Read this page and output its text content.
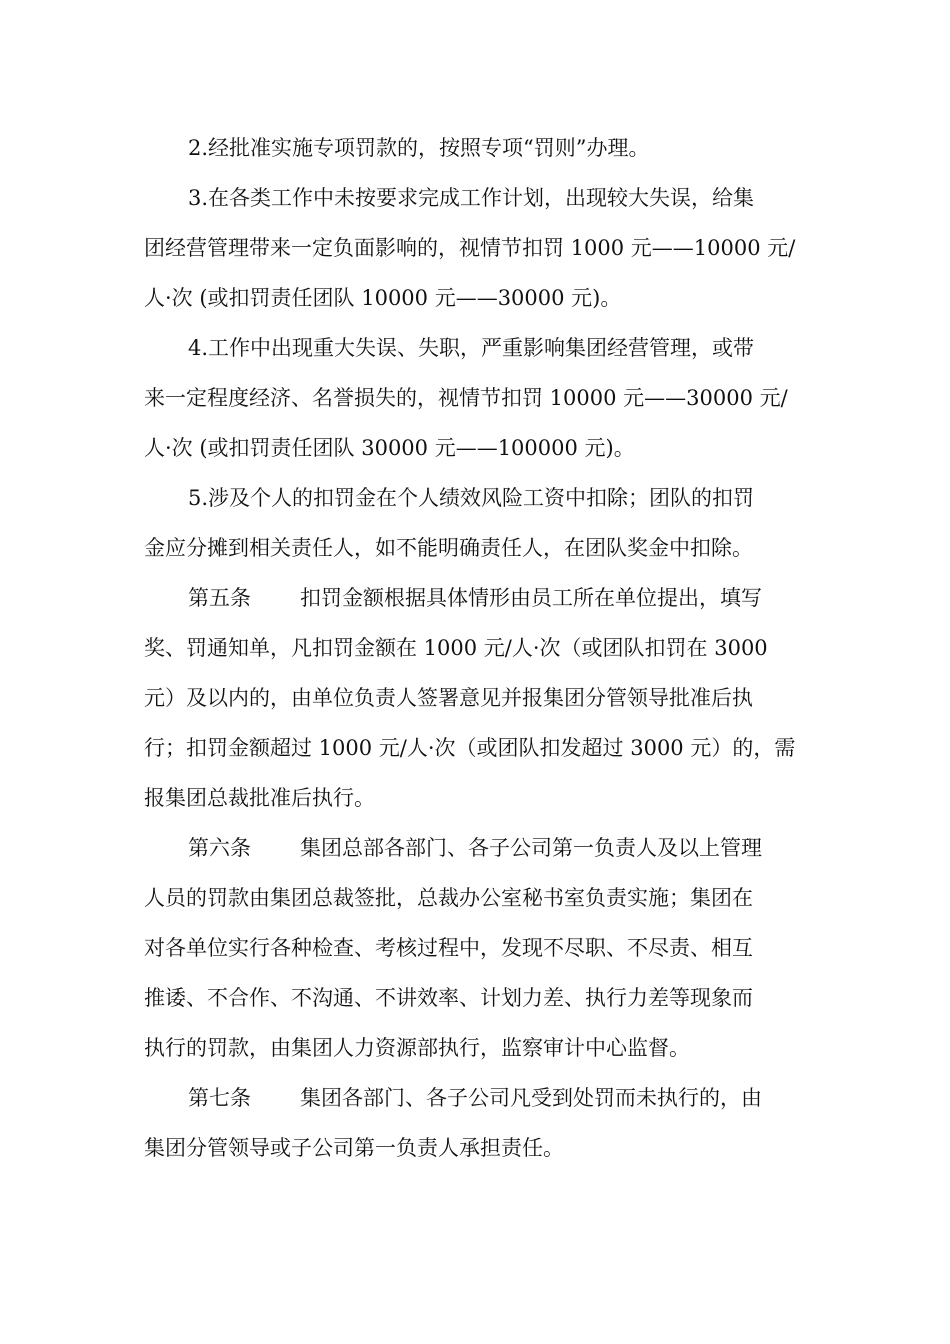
2.经批准实施专项罚款的，按照专项“罚则”办理。
3.在各类工作中未按要求完成工作计划，出现较大失误，给集
团经营管理带来一定负面影响的，视情节扣罚 1000 元——10000 元/
人·次 (或扣罚责任团队 10000 元——30000 元)。
4.工作中出现重大失误、失职，严重影响集团经营管理，或带
来一定程度经济、名誉损失的，视情节扣罚 10000 元——30000 元/
人·次 (或扣罚责任团队 30000 元——100000 元)。
5.涉及个人的扣罚金在个人绩效风险工资中扣除；团队的扣罚
金应分摊到相关责任人，如不能明确责任人，在团队奖金中扣除。
第五条 扣罚金额根据具体情形由员工所在单位提出，填写
奖、罚通知单，凡扣罚金额在 1000 元/人·次（或团队扣罚在 3000
元）及以内的，由单位负责人签署意见并报集团分管领导批准后执
行；扣罚金额超过 1000 元/人·次（或团队扣发超过 3000 元）的，需
报集团总裁批准后执行。
第六条 集团总部各部门、各子公司第一负责人及以上管理
人员的罚款由集团总裁签批，总裁办公室秘书室负责实施；集团在
对各单位实行各种检查、考核过程中，发现不尽职、不尽责、相互
推诿、不合作、不沟通、不讲效率、计划力差、执行力差等现象而
执行的罚款，由集团人力资源部执行，监察审计中心监督。
第七条 集团各部门、各子公司凡受到处罚而未执行的，由
集团分管领导或子公司第一负责人承担责任。
